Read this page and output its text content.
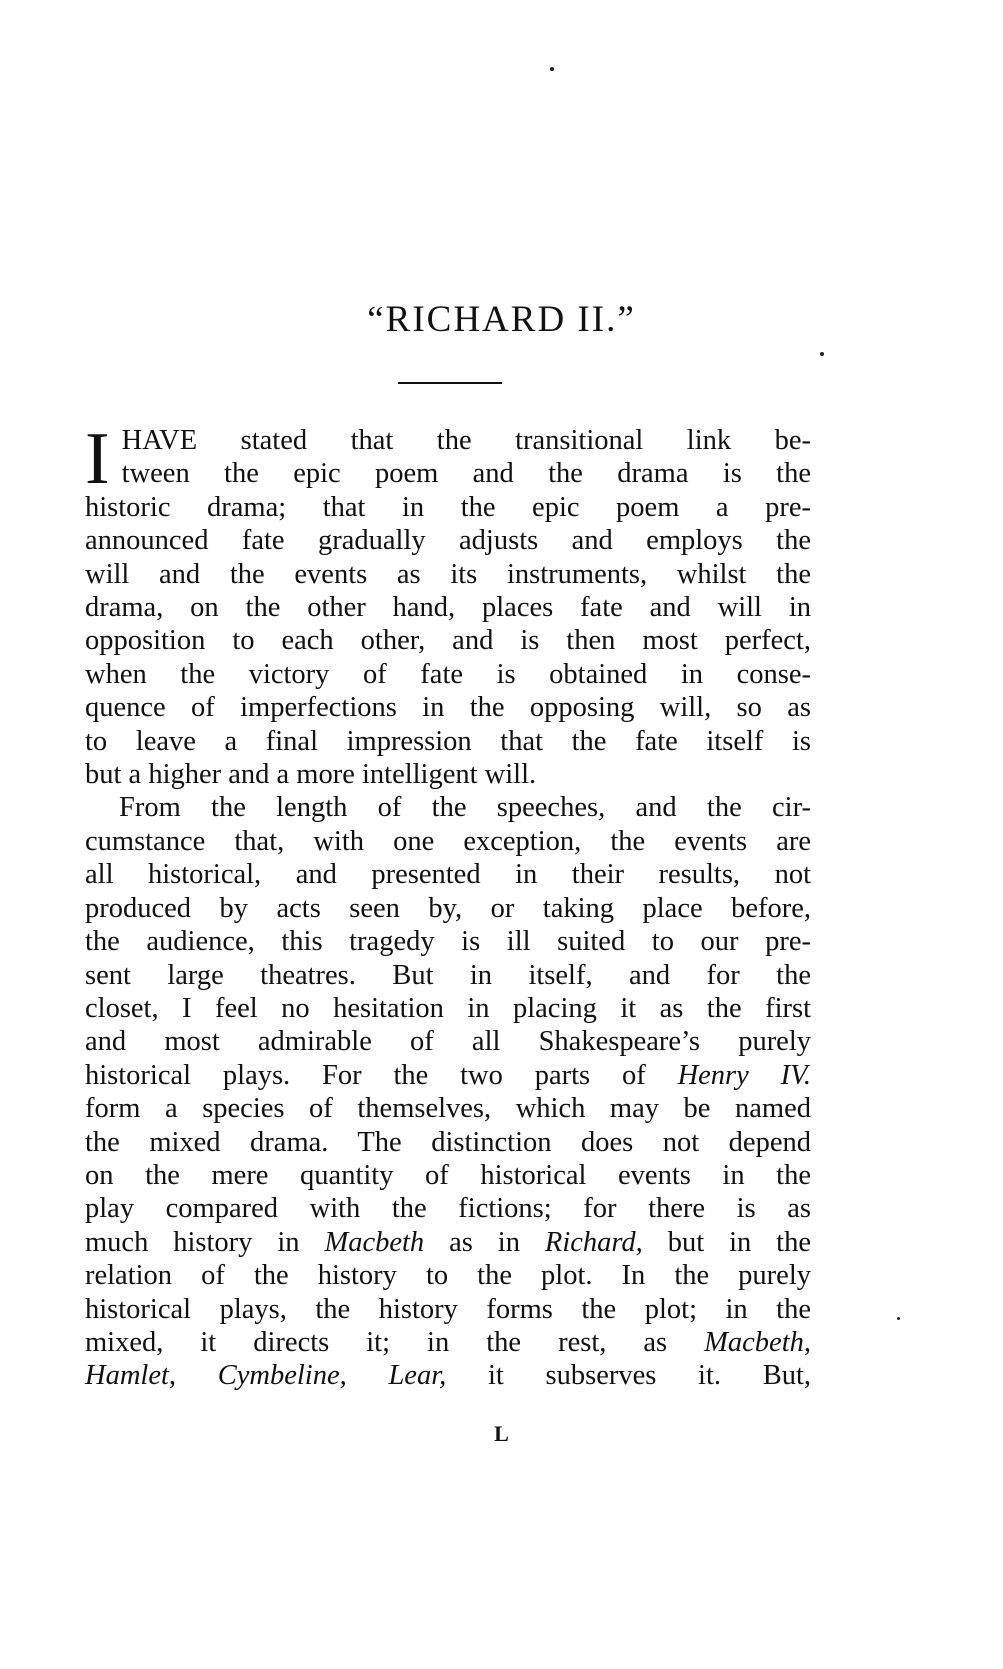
“RICHARD II.”

I HAVE stated that the transitional link be-
tween the epic poem and the drama is the
historic drama; that in the epic poem a pre-
announced fate gradually adjusts and employs the
will and the events as its instruments, whilst the
drama, on the other hand, places fate and will in
opposition to each other, and is then most perfect,
when the victory of fate is obtained in conse-
quence of imperfections in the opposing will, so as
to leave a final impression that the fate itself is
but a higher and a more intelligent will.

From the length of the speeches, and the cir-
cumstance that, with one exception, the events are
all historical, and presented in their results, not
produced by acts seen by, or taking place before,
the audience, this tragedy is ill suited to our pre-
sent large theatres. But in itself, and for the
closet, I feel no hesitation in placing it as the first
and most admirable of all Shakespeare’s purely
historical plays. For the two parts of Henry IV.
form a species of themselves, which may be named
the mixed drama. The distinction does not depend
on the mere quantity of historical events in the
play compared with the fictions; for there is as
much history in Macbeth as in Richard, but in the
relation of the history to the plot. In the purely
historical plays, the history forms the plot; in the
mixed, it directs it; in the rest, as Macbeth,
Hamlet, Cymbeline, Lear, it subserves it. But,

L
